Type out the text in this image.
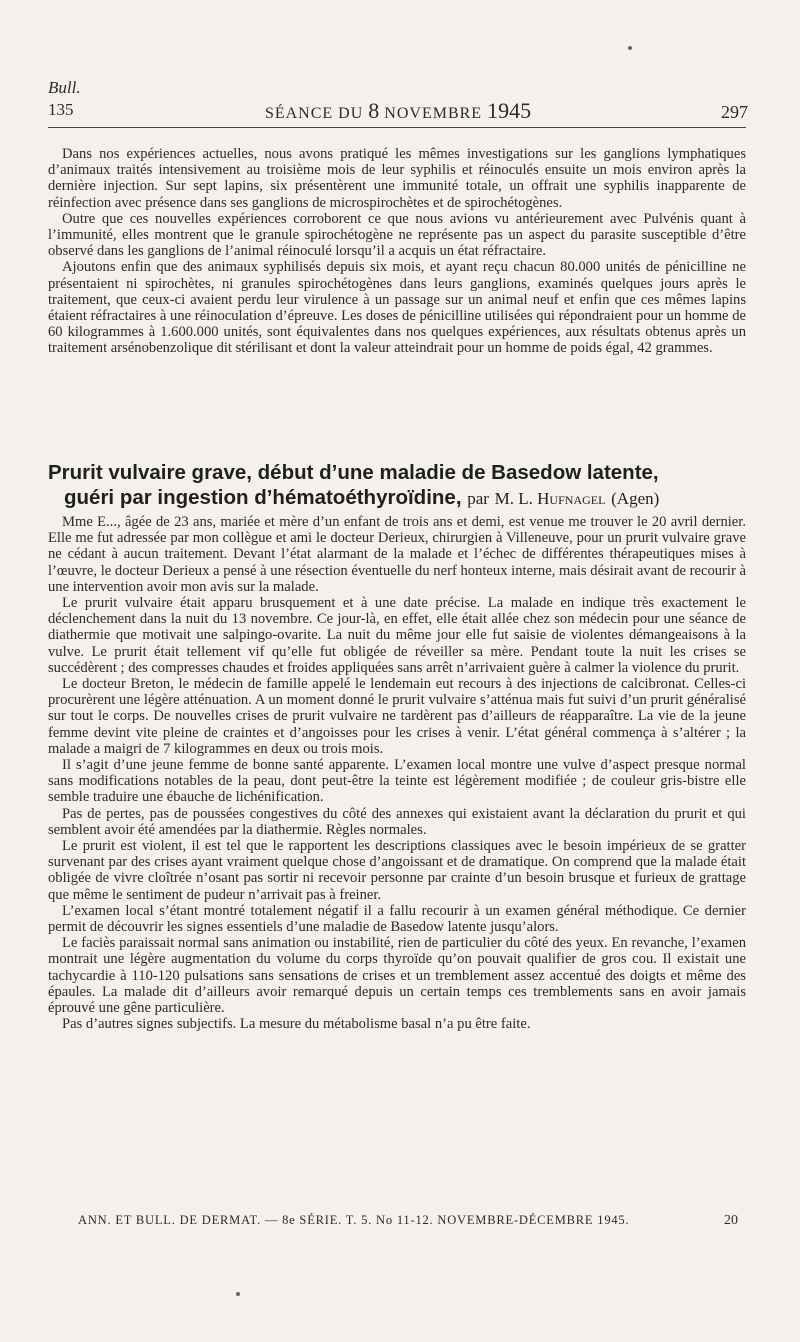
Bull.
135	SÉANCE DU 8 NOVEMBRE 1945	297

Dans nos expériences actuelles, nous avons pratiqué les mêmes investigations sur les ganglions lymphatiques d’animaux traités intensivement au troisième mois de leur syphilis et réinoculés ensuite un mois environ après la dernière injection. Sur sept lapins, six présentèrent une immunité totale, un offrait une syphilis inapparente de réinfection avec présence dans ses ganglions de microspirochètes et de spirochétogènes.

Outre que ces nouvelles expériences corroborent ce que nous avions vu antérieurement avec Pulvénis quant à l’immunité, elles montrent que le granule spirochétogène ne représente pas un aspect du parasite susceptible d’être observé dans les ganglions de l’animal réinoculé lorsqu’il a acquis un état réfractaire.

Ajoutons enfin que des animaux syphilisés depuis six mois, et ayant reçu chacun 80.000 unités de pénicilline ne présentaient ni spirochètes, ni granules spirochétogènes dans leurs ganglions, examinés quelques jours après le traitement, que ceux-ci avaient perdu leur virulence à un passage sur un animal neuf et enfin que ces mêmes lapins étaient réfractaires à une réinoculation d’épreuve. Les doses de pénicilline utilisées qui répondraient pour un homme de 60 kilogrammes à 1.600.000 unités, sont équivalentes dans nos quelques expériences, aux résultats obtenus après un traitement arsénobenzolique dit stérilisant et dont la valeur atteindrait pour un homme de poids égal, 42 grammes.

Prurit vulvaire grave, début d’une maladie de Basedow latente,
guéri par ingestion d’hématoéthyroïdine, par M. L. Hufnagel (Agen)

Mme E..., âgée de 23 ans, mariée et mère d’un enfant de trois ans et demi, est venue me trouver le 20 avril dernier. Elle me fut adressée par mon collègue et ami le docteur Derieux, chirurgien à Villeneuve, pour un prurit vulvaire grave ne cédant à aucun traitement. Devant l’état alarmant de la malade et l’échec de différentes thérapeutiques mises à l’œuvre, le docteur Derieux a pensé à une résection éventuelle du nerf honteux interne, mais désirait avant de recourir à une intervention avoir mon avis sur la malade.

Le prurit vulvaire était apparu brusquement et à une date précise. La malade en indique très exactement le déclenchement dans la nuit du 13 novembre. Ce jour-là, en effet, elle était allée chez son médecin pour une séance de diathermie que motivait une salpingo-ovarite. La nuit du même jour elle fut saisie de violentes démangeaisons à la vulve. Le prurit était tellement vif qu’elle fut obligée de réveiller sa mère. Pendant toute la nuit les crises se succédèrent ; des compresses chaudes et froides appliquées sans arrêt n’arrivaient guère à calmer la violence du prurit.

Le docteur Breton, le médecin de famille appelé le lendemain eut recours à des injections de calcibronat. Celles-ci procurèrent une légère atténuation. A un moment donné le prurit vulvaire s’atténua mais fut suivi d’un prurit généralisé sur tout le corps. De nouvelles crises de prurit vulvaire ne tardèrent pas d’ailleurs de réapparaître. La vie de la jeune femme devint vite pleine de craintes et d’angoisses pour les crises à venir. L’état général commença à s’altérer ; la malade a maigri de 7 kilogrammes en deux ou trois mois.

Il s’agit d’une jeune femme de bonne santé apparente. L’examen local montre une vulve d’aspect presque normal sans modifications notables de la peau, dont peut-être la teinte est légèrement modifiée ; de couleur gris-bistre elle semble traduire une ébauche de lichénification.

Pas de pertes, pas de poussées congestives du côté des annexes qui existaient avant la déclaration du prurit et qui semblent avoir été amendées par la diathermie. Règles normales.

Le prurit est violent, il est tel que le rapportent les descriptions classiques avec le besoin impérieux de se gratter survenant par des crises ayant vraiment quelque chose d’angoissant et de dramatique. On comprend que la malade était obligée de vivre cloîtrée n’osant pas sortir ni recevoir personne par crainte d’un besoin brusque et furieux de grattage que même le sentiment de pudeur n’arrivait pas à freiner.

L’examen local s’étant montré totalement négatif il a fallu recourir à un examen général méthodique. Ce dernier permit de découvrir les signes essentiels d’une maladie de Basedow latente jusqu’alors.

Le faciès paraissait normal sans animation ou instabilité, rien de particulier du côté des yeux. En revanche, l’examen montrait une légère augmentation du volume du corps thyroïde qu’on pouvait qualifier de gros cou. Il existait une tachycardie à 110-120 pulsations sans sensations de crises et un tremblement assez accentué des doigts et même des épaules. La malade dit d’ailleurs avoir remarqué depuis un certain temps ces tremblements sans en avoir jamais éprouvé une gêne particulière.

Pas d’autres signes subjectifs. La mesure du métabolisme basal n’a pu être faite.

ANN. ET BULL. DE DERMAT. — 8e SÉRIE. T. 5. No 11-12. NOVEMBRE-DÉCEMBRE 1945.	20
